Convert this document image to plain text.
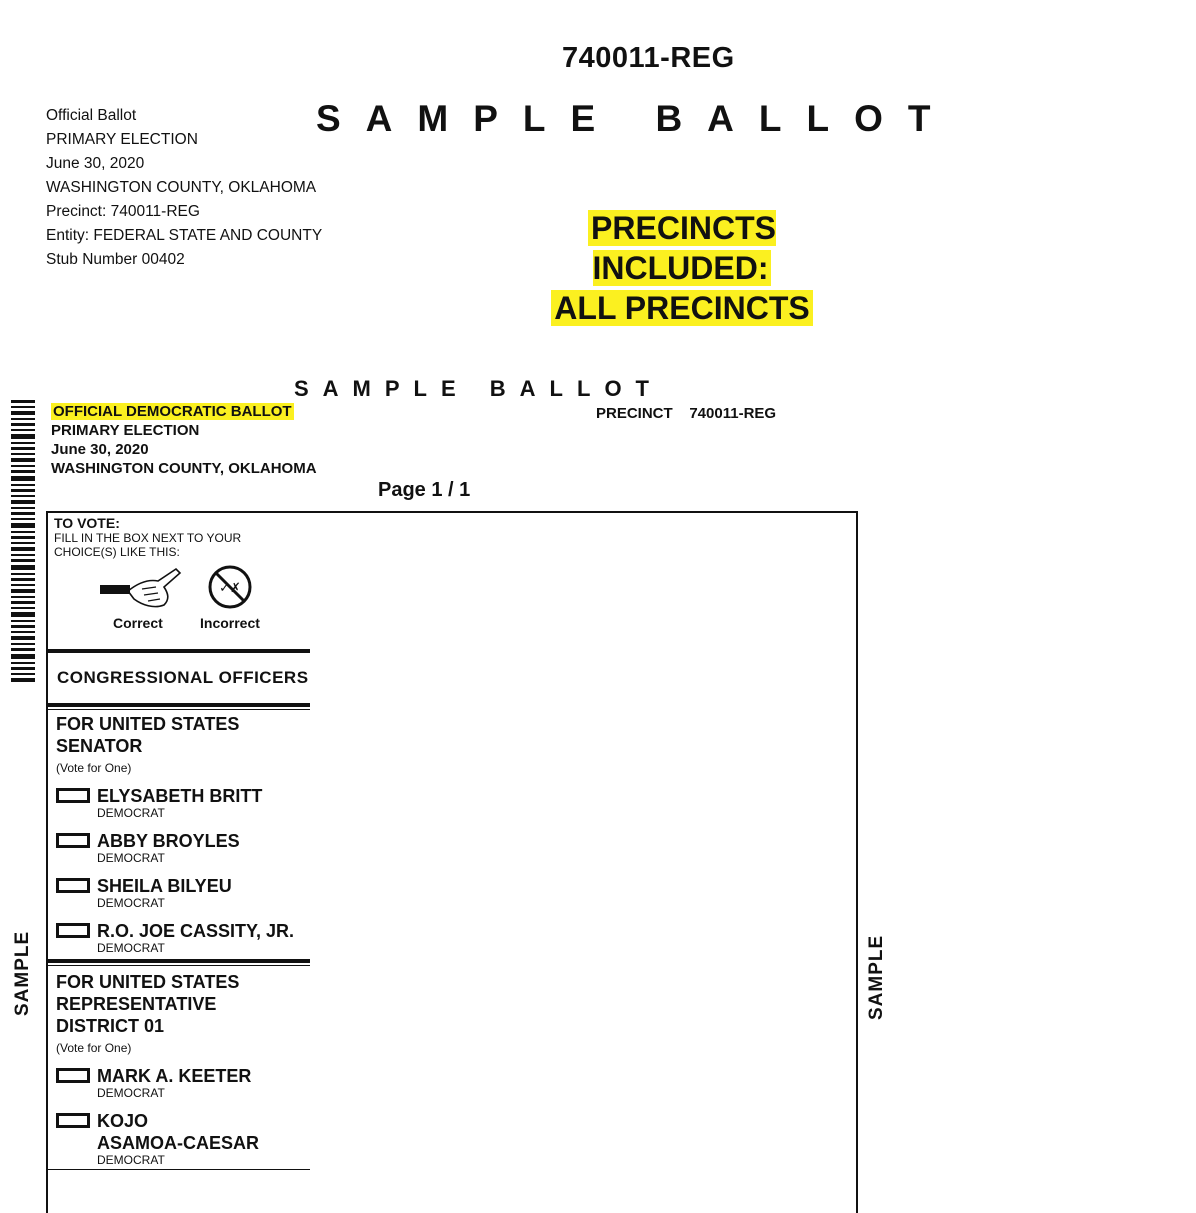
740011-REG
SAMPLE BALLOT
Official Ballot
PRIMARY ELECTION
June 30, 2020
WASHINGTON COUNTY, OKLAHOMA
Precinct: 740011-REG
Entity: FEDERAL STATE AND COUNTY
Stub Number 00402
PRECINCTS INCLUDED:
ALL PRECINCTS
SAMPLE BALLOT
OFFICIAL DEMOCRATIC BALLOT
PRIMARY ELECTION
June 30, 2020
WASHINGTON COUNTY, OKLAHOMA
PRECINCT 740011-REG
Page 1 / 1
SAMPLE	SAMPLE
TO VOTE:
FILL IN THE BOX NEXT TO YOUR
CHOICE(S) LIKE THIS:
Correct
✓✗
Incorrect
CONGRESSIONAL OFFICERS
FOR UNITED STATES
SENATOR
(Vote for One)
ELYSABETH BRITT
DEMOCRAT
ABBY BROYLES
DEMOCRAT
SHEILA BILYEU
DEMOCRAT
R.O. JOE CASSITY, JR.
DEMOCRAT
FOR UNITED STATES
REPRESENTATIVE
DISTRICT 01
(Vote for One)
MARK A. KEETER
DEMOCRAT
KOJO
ASAMOA-CAESAR
DEMOCRAT
